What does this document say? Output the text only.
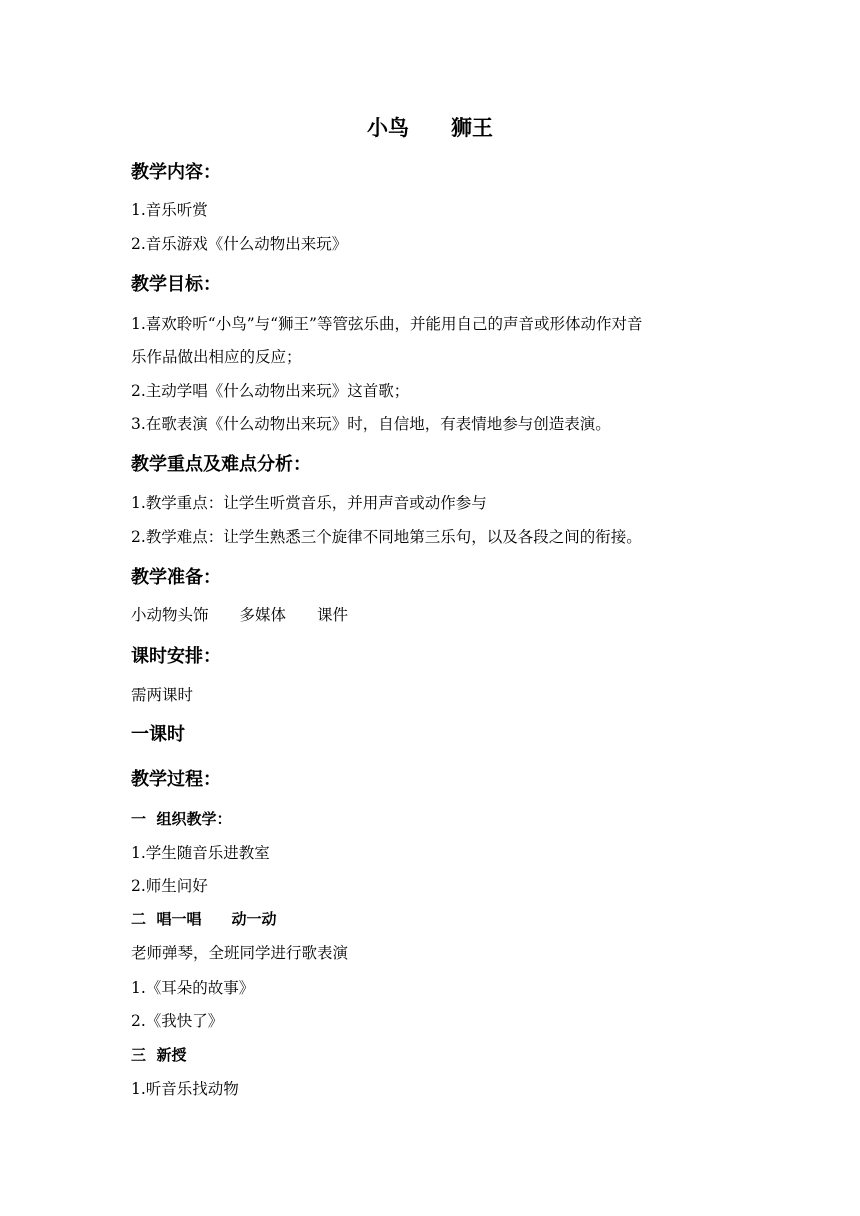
小鸟　　狮王

教学内容：

1.音乐听赏

2.音乐游戏《什么动物出来玩》

教学目标：

1.喜欢聆听“小鸟”与“狮王”等管弦乐曲，并能用自己的声音或形体动作对音

乐作品做出相应的反应；

2.主动学唱《什么动物出来玩》这首歌；

3.在歌表演《什么动物出来玩》时，自信地，有表情地参与创造表演。

教学重点及难点分析：

1.教学重点：让学生听赏音乐，并用声音或动作参与

2.教学难点：让学生熟悉三个旋律不同地第三乐句，以及各段之间的衔接。

教学准备：

小动物头饰　　多媒体　　课件

课时安排：

需两课时

一课时

教学过程：

一  组织教学：

1.学生随音乐进教室

2.师生问好

二  唱一唱　　动一动

老师弹琴，全班同学进行歌表演

1.《耳朵的故事》

2.《我快了》

三  新授

1.听音乐找动物
